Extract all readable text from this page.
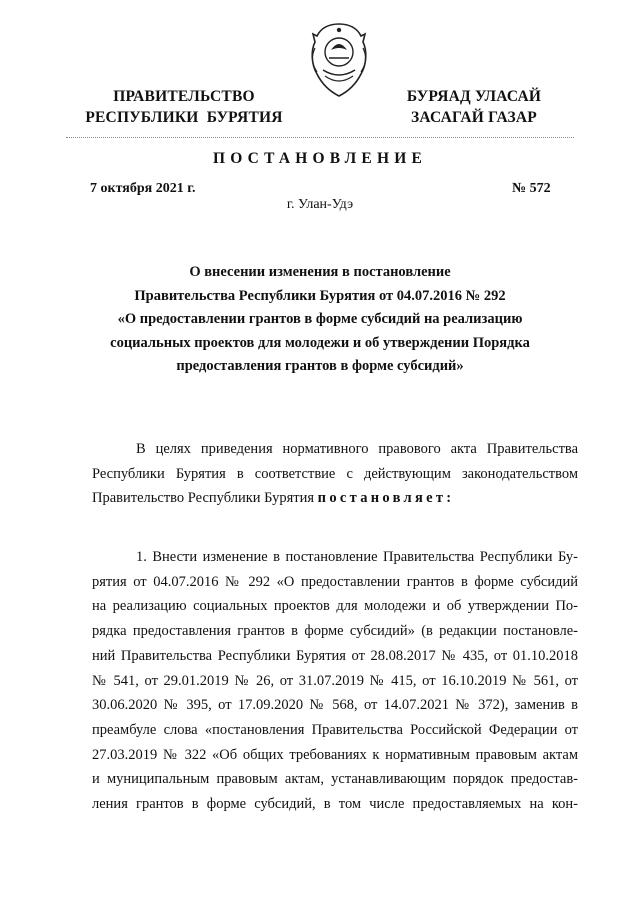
ПРАВИТЕЛЬСТВО
РЕСПУБЛИКИ  БУРЯТИЯ
БУРЯАД УЛАСАЙ
ЗАСАГАЙ ГАЗАР
ПОСТАНОВЛЕНИЕ
7 октября 2021 г.	№ 572
г. Улан-Удэ
О внесении изменения в постановление
Правительства Республики Бурятия от 04.07.2016 № 292
«О предоставлении грантов в форме субсидий на реализацию
социальных проектов для молодежи и об утверждении Порядка
предоставления грантов в форме субсидий»
В целях приведения нормативного правового акта Правительства
Республики Бурятия в соответствие с действующим законодательством
Правительство Республики Бурятия постановляет:
1. Внести изменение в постановление Правительства Республики Бу-
рятия от 04.07.2016 № 292 «О предоставлении грантов в форме субсидий
на реализацию социальных проектов для молодежи и об утверждении По-
рядка предоставления грантов в форме субсидий» (в редакции постановле-
ний Правительства Республики Бурятия от 28.08.2017 № 435, от 01.10.2018
№ 541, от 29.01.2019 № 26, от 31.07.2019 № 415, от 16.10.2019 № 561, от
30.06.2020 № 395, от 17.09.2020 № 568, от 14.07.2021 № 372), заменив в
преамбуле слова «постановления Правительства Российской Федерации от
27.03.2019 № 322 «Об общих требованиях к нормативным правовым актам
и муниципальным правовым актам, устанавливающим порядок предостав-
ления грантов в форме субсидий, в том числе предоставляемых на кон-
